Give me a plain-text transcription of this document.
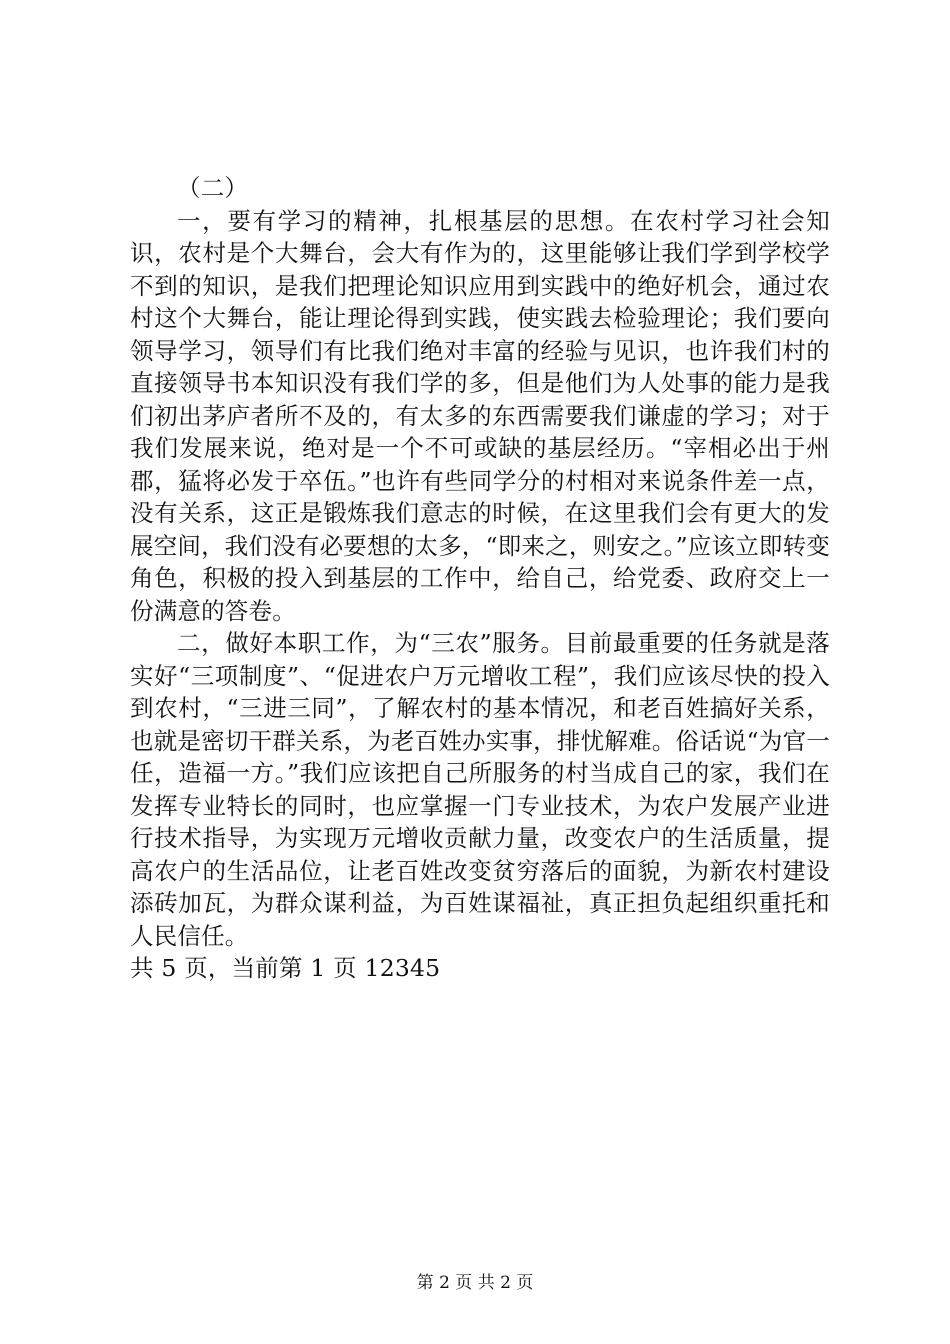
（二）

一，要有学习的精神，扎根基层的思想。在农村学习社会知识，农村是个大舞台，会大有作为的，这里能够让我们学到学校学不到的知识，是我们把理论知识应用到实践中的绝好机会，通过农村这个大舞台，能让理论得到实践，使实践去检验理论；我们要向领导学习，领导们有比我们绝对丰富的经验与见识，也许我们村的直接领导书本知识没有我们学的多，但是他们为人处事的能力是我们初出茅庐者所不及的，有太多的东西需要我们谦虚的学习；对于我们发展来说，绝对是一个不可或缺的基层经历。“宰相必出于州郡，猛将必发于卒伍。”也许有些同学分的村相对来说条件差一点，没有关系，这正是锻炼我们意志的时候，在这里我们会有更大的发展空间，我们没有必要想的太多，“即来之，则安之。”应该立即转变角色，积极的投入到基层的工作中，给自己，给党委、政府交上一份满意的答卷。

二，做好本职工作，为“三农”服务。目前最重要的任务就是落实好“三项制度”、“促进农户万元增收工程”，我们应该尽快的投入到农村，“三进三同”，了解农村的基本情况，和老百姓搞好关系，也就是密切干群关系，为老百姓办实事，排忧解难。俗话说“为官一任，造福一方。”我们应该把自己所服务的村当成自己的家，我们在发挥专业特长的同时，也应掌握一门专业技术，为农户发展产业进行技术指导，为实现万元增收贡献力量，改变农户的生活质量，提高农户的生活品位，让老百姓改变贫穷落后的面貌，为新农村建设添砖加瓦，为群众谋利益，为百姓谋福祉，真正担负起组织重托和人民信任。

共 5 页，当前第 1 页 12345

第 2 页 共 2 页
